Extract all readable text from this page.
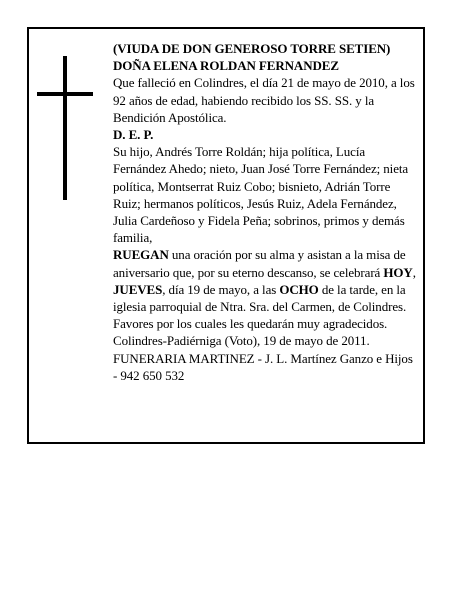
(VIUDA DE DON GENEROSO TORRE SETIEN)

DOÑA ELENA ROLDAN FERNANDEZ

Que falleció en Colindres, el día 21 de mayo de 2010, a los 92 años de edad, habiendo recibido los SS. SS. y la Bendición Apostólica.

D. E. P.

Su hijo, Andrés Torre Roldán; hija política, Lucía Fernández Ahedo; nieto, Juan José Torre Fernández; nieta política, Montserrat Ruiz Cobo; bisnieto, Adrián Torre Ruiz; hermanos políticos, Jesús Ruiz, Adela Fernández, Julia Cardeñoso y Fidela Peña; sobrinos, primos y demás familia,

RUEGAN una oración por su alma y asistan a la misa de aniversario que, por su eterno descanso, se celebrará HOY, JUEVES, día 19 de mayo, a las OCHO de la tarde, en la iglesia parroquial de Ntra. Sra. del Carmen, de Colindres. Favores por los cuales les quedarán muy agradecidos.

Colindres-Padiérniga (Voto), 19 de mayo de 2011.

FUNERARIA MARTINEZ - J. L. Martínez Ganzo e Hijos - 942 650 532
